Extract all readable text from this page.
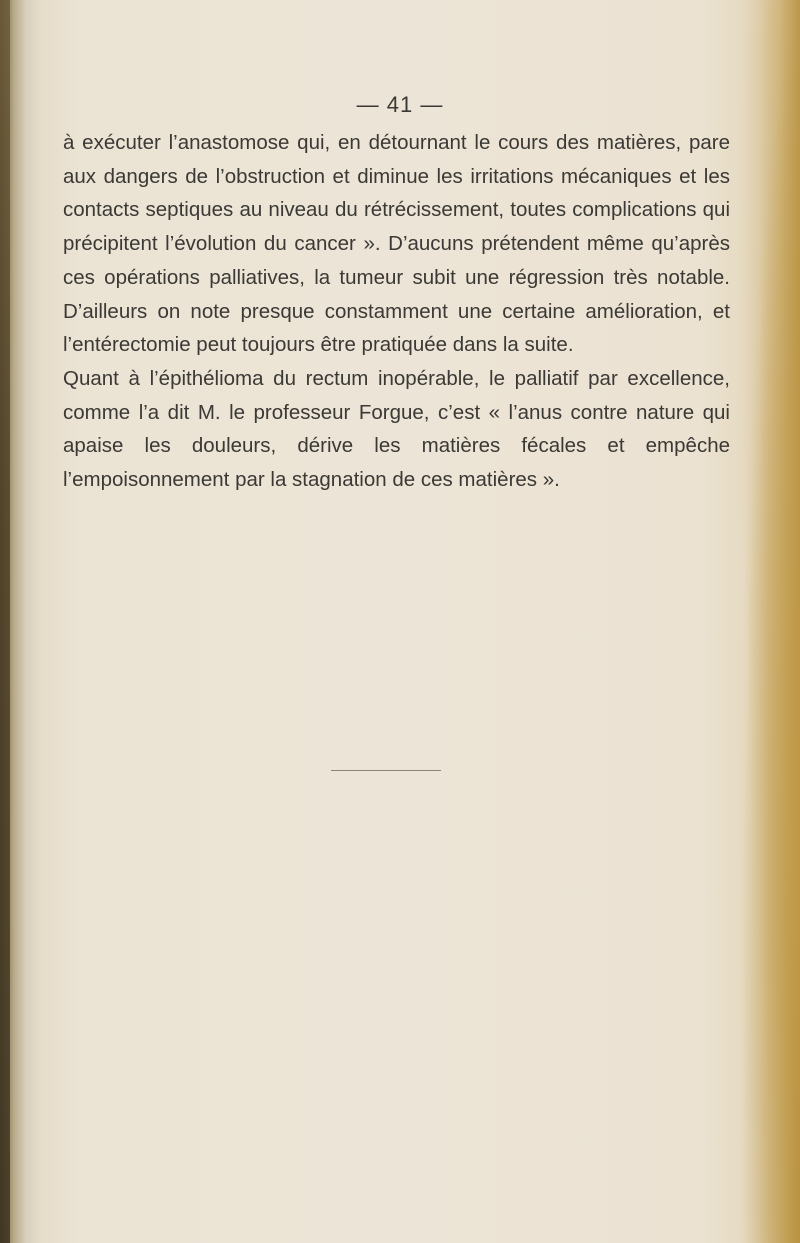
— 41 —

à exécuter l’anastomose qui, en détournant le cours des matières, pare aux dangers de l’obstruction et diminue les irritations mécaniques et les contacts septiques au niveau du rétrécissement, toutes complications qui précipitent l’évolution du cancer ». D’aucuns prétendent même qu’après ces opérations palliatives, la tumeur subit une régression très notable. D’ailleurs on note presque constamment une certaine amélioration, et l’entérectomie peut toujours être pratiquée dans la suite.

Quant à l’épithélioma du rectum inopérable, le palliatif par excellence, comme l’a dit M. le professeur Forgue, c’est « l’anus contre nature qui apaise les douleurs, dérive les matières fécales et empêche l’empoisonnement par la stagnation de ces matières ».
